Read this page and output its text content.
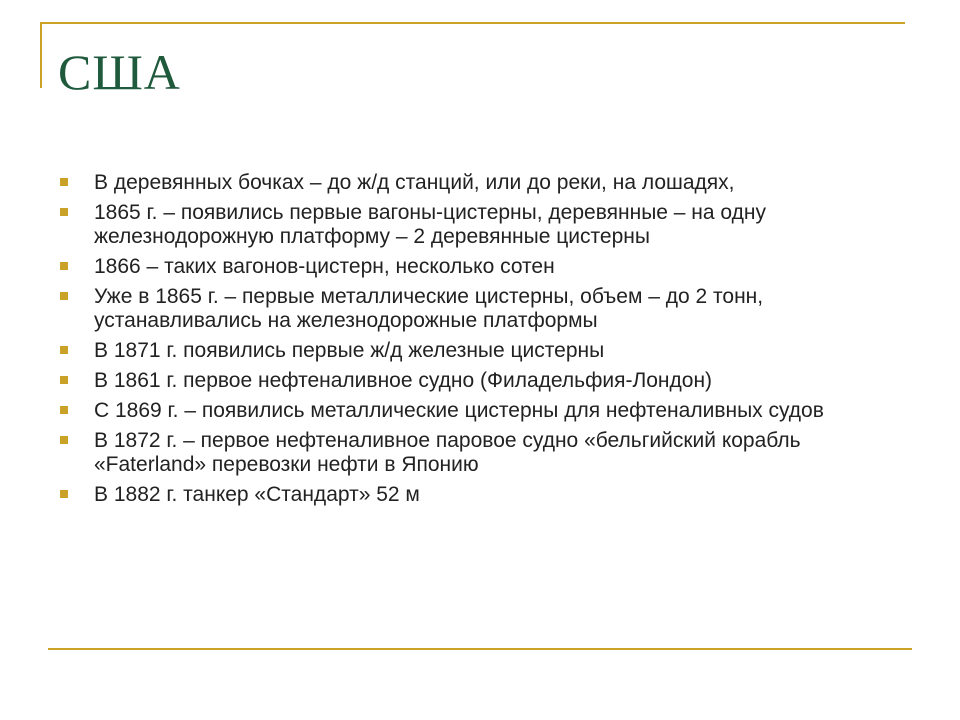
США
В деревянных бочках – до ж/д станций, или до реки, на лошадях,
1865 г. – появились первые вагоны-цистерны, деревянные – на одну железнодорожную платформу – 2 деревянные цистерны
1866 – таких вагонов-цистерн, несколько сотен
Уже в 1865 г. – первые металлические цистерны, объем – до 2 тонн, устанавливались на железнодорожные платформы
В 1871 г. появились первые ж/д железные цистерны
В 1861 г. первое нефтеналивное судно (Филадельфия-Лондон)
С 1869 г. – появились металлические цистерны для нефтеналивных судов
В 1872 г. – первое нефтеналивное паровое судно «бельгийский корабль «Faterland» перевозки нефти в Японию
В 1882 г. танкер «Стандарт» 52 м
